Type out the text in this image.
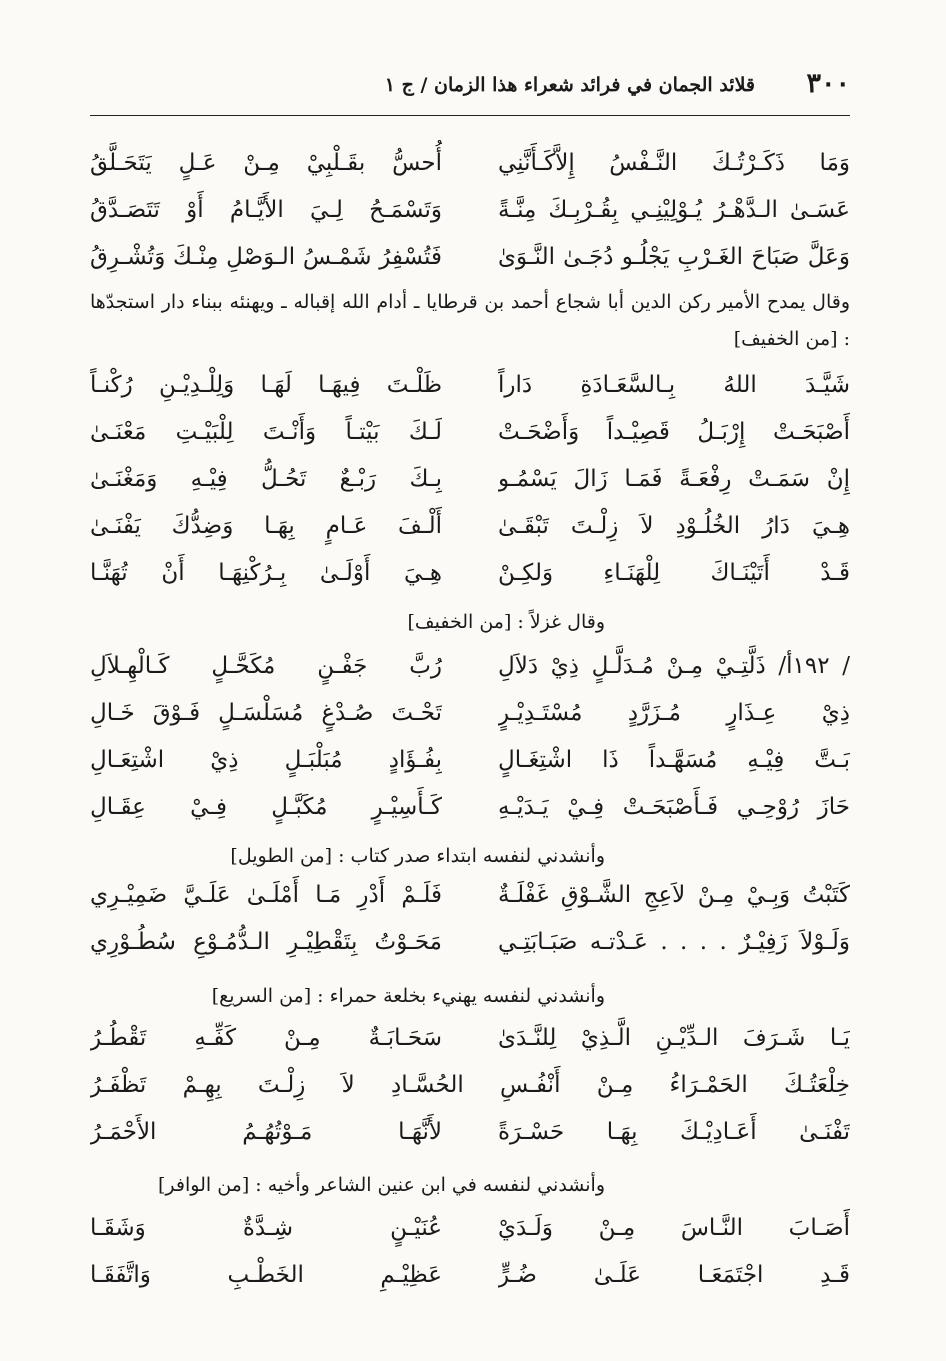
٣٠٠
قلائد الجمان في فرائد شعراء هذا الزمان / ج ١
وَمَا ذَكَـرْتُـكَ النَّـفْسُ إِلاَّكَـأَنَّنِي
أُحسُّ بقَـلْبِيْ مِـنْ عَـلٍ يَتَحَـلَّقُ
عَسَـىٰ الـدَّهْـرُ يُـوْلِيْنِـي بِقُـرْبِـكَ مِنَّـةً
وَتَسْمَـحُ لِـيَ الأَيَّـامُ أَوْ تَتَصَـدَّقُ
وَعَلَّ صَبَاحَ الغَـرْبِ يَجْلُـو دُجَـىٰ النَّـوَىٰ
فَتُسْفِرُ شَمْـسُ الـوَصْلِ مِنْـكَ وَتُشْـرِقُ
وقال يمدح الأمير ركن الدين أبا شجاع أحمد بن قرطايا ـ أدام الله إقباله ـ ويهنئه ببناء دار استجدّها : [من الخفيف]
شَيَّـدَ اللهُ بِـالسَّعَـادَةِ دَاراً
ظَلْـتَ فِيهَـا لَهَـا وَلِلْـدِيْـنِ رُكْنـاً
أَصْبَحَـتْ إِرْبَـلُ قَصِيْـداً وَأَضْحَـتْ
لَـكَ بَيْتـاً وَأَنْـتَ لِلْبَيْـتِ مَعْنَـىٰ
إِنْ سَمَـتْ رِفْعَـةً فَمَـا زَالَ يَسْمُـو
بِـكَ رَبْـعٌ تَحُـلُّ فِيْـهِ وَمَغْنَـىٰ
هِـيَ دَارُ الخُلُـوْدِ لاَ زِلْـتَ تَبْقَـىٰ
أَلْـفَ عَـامٍ بِهَـا وَضِدُّكَ يَفْنَـىٰ
قَـدْ أَتَيْنَـاكَ لِلْهَنَـاءِ وَلكِـنْ
هِـيَ أَوْلَـىٰ بِـرُكْنِهَـا أَنْ تُهَنَّـا
وقال غزلاً : [من الخفيف]
/ ١٩٢أ/ ذَلَّتِـيْ مِـنْ مُـدَلَّـلٍ ذِيْ دَلاَلِ
رُبَّ جَفْـنٍ مُكَحَّـلٍ كَـالْهِـلاَلِ
ذِيْ عِـذَارٍ مُـزَرَّدٍ مُسْتَـدِيْـرٍ
تَحْـتَ صُـدْغٍ مُسَلْسَـلٍ فَـوْقَ خَـالِ
بَـتَّ فِيْـهِ مُسَهَّـداً ذَا اشْتِغَـالٍ
بِفُـؤَادٍ مُبَلْبَـلٍ ذِيْ اشْتِعَـالِ
حَازَ رُوْحِـي فَـأَصْبَحَـتْ فِـيْ يَـدَيْـهِ
كَـأَسِيْـرٍ مُكَبَّـلٍ فِـيْ عِقَـالِ
وأنشدني لنفسه ابتداء صدر كتاب : [من الطويل]
كَتَبْتُ وَبِـيْ مِـنْ لاَعِجِ الشَّـوْقِ غَفْلَـةٌ
فَلَـمْ أَدْرِ مَـا أَمْلَـىٰ عَلَـيَّ ضَمِيْـرِي
وَلَـوْلاَ زَفِيْـرٌ . . . . عَـدْتـه صَبَـابَتِـي
مَحَـوْتُ بِتَقْطِيْـرِ الـدُّمُـوْعِ سُطُـوْرِي
وأنشدني لنفسه يهنيء بخلعة حمراء : [من السريع]
يَـا شَـرَفَ الـدِّيْـنِ الَّـذِيْ لِلنَّـدَىٰ
سَحَـابَـةٌ مِـنْ كَفِّـهِ تَقْطُـرُ
خِلْعَتُـكَ الحَمْـرَاءُ مِـنْ أَنْفُـسِ الحُسَّـادِ لاَ زِلْـتَ بِهِـمْ تَظْفَـرُ
تَفْنَـىٰ أَعَـادِيْـكَ بِهَـا حَسْـرَةً
لأَنَّهَـا مَـوْتُهُـمُ الأَحْمَـرُ
وأنشدني لنفسه في ابن عنين الشاعر وأخيه : [من الوافر]
أَصَـابَ النَّـاسَ مِـنْ وَلَـدَيْ
عُنَيْـنٍ شِـدَّةٌ وَشَقَـا
قَـدِ اجْتَمَعَـا عَلَـىٰ ضُـرٍّ
عَظِيْـمِ الخَطْـبِ وَاتَّفَقَـا
